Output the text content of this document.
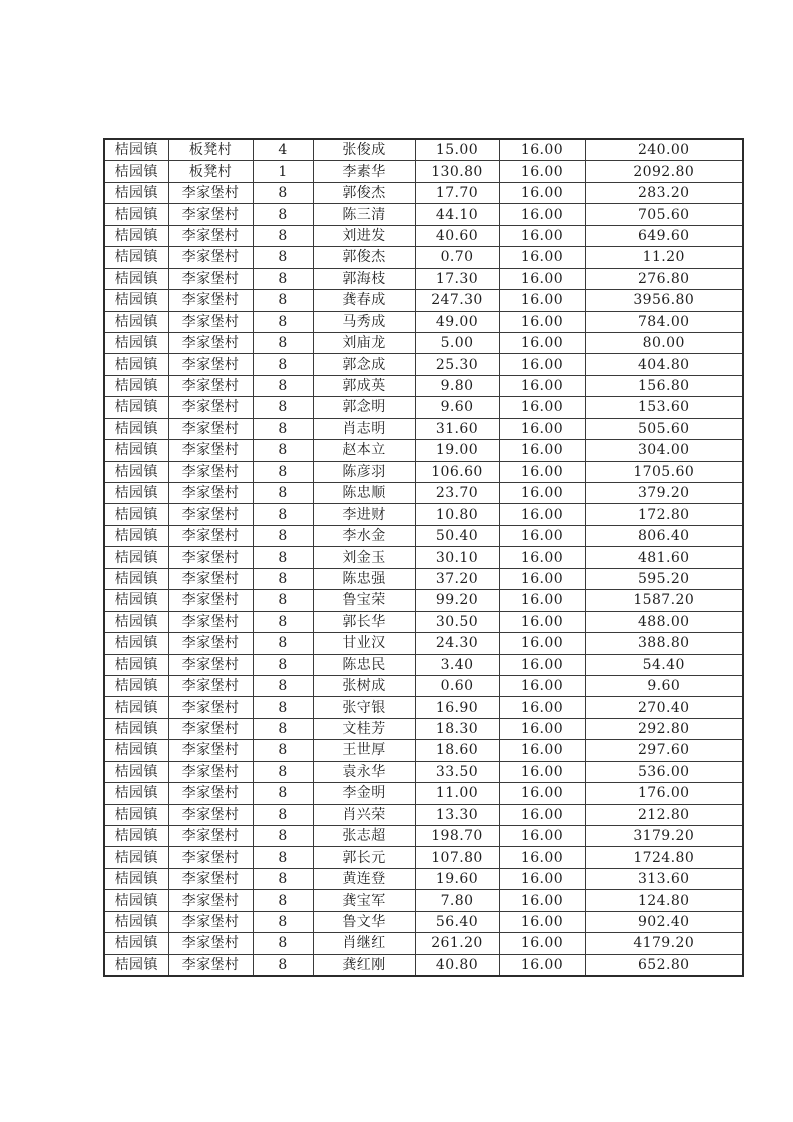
桔园镇	板凳村	4	张俊成	15.00	16.00	240.00
桔园镇	板凳村	1	李素华	130.80	16.00	2092.80
桔园镇	李家堡村	8	郭俊杰	17.70	16.00	283.20
桔园镇	李家堡村	8	陈三清	44.10	16.00	705.60
桔园镇	李家堡村	8	刘进发	40.60	16.00	649.60
桔园镇	李家堡村	8	郭俊杰	0.70	16.00	11.20
桔园镇	李家堡村	8	郭海枝	17.30	16.00	276.80
桔园镇	李家堡村	8	龚春成	247.30	16.00	3956.80
桔园镇	李家堡村	8	马秀成	49.00	16.00	784.00
桔园镇	李家堡村	8	刘庙龙	5.00	16.00	80.00
桔园镇	李家堡村	8	郭念成	25.30	16.00	404.80
桔园镇	李家堡村	8	郭成英	9.80	16.00	156.80
桔园镇	李家堡村	8	郭念明	9.60	16.00	153.60
桔园镇	李家堡村	8	肖志明	31.60	16.00	505.60
桔园镇	李家堡村	8	赵本立	19.00	16.00	304.00
桔园镇	李家堡村	8	陈彦羽	106.60	16.00	1705.60
桔园镇	李家堡村	8	陈忠顺	23.70	16.00	379.20
桔园镇	李家堡村	8	李进财	10.80	16.00	172.80
桔园镇	李家堡村	8	李水金	50.40	16.00	806.40
桔园镇	李家堡村	8	刘金玉	30.10	16.00	481.60
桔园镇	李家堡村	8	陈忠强	37.20	16.00	595.20
桔园镇	李家堡村	8	鲁宝荣	99.20	16.00	1587.20
桔园镇	李家堡村	8	郭长华	30.50	16.00	488.00
桔园镇	李家堡村	8	甘业汉	24.30	16.00	388.80
桔园镇	李家堡村	8	陈忠民	3.40	16.00	54.40
桔园镇	李家堡村	8	张树成	0.60	16.00	9.60
桔园镇	李家堡村	8	张守银	16.90	16.00	270.40
桔园镇	李家堡村	8	文桂芳	18.30	16.00	292.80
桔园镇	李家堡村	8	王世厚	18.60	16.00	297.60
桔园镇	李家堡村	8	袁永华	33.50	16.00	536.00
桔园镇	李家堡村	8	李金明	11.00	16.00	176.00
桔园镇	李家堡村	8	肖兴荣	13.30	16.00	212.80
桔园镇	李家堡村	8	张志超	198.70	16.00	3179.20
桔园镇	李家堡村	8	郭长元	107.80	16.00	1724.80
桔园镇	李家堡村	8	黄连登	19.60	16.00	313.60
桔园镇	李家堡村	8	龚宝军	7.80	16.00	124.80
桔园镇	李家堡村	8	鲁文华	56.40	16.00	902.40
桔园镇	李家堡村	8	肖继红	261.20	16.00	4179.20
桔园镇	李家堡村	8	龚红刚	40.80	16.00	652.80
